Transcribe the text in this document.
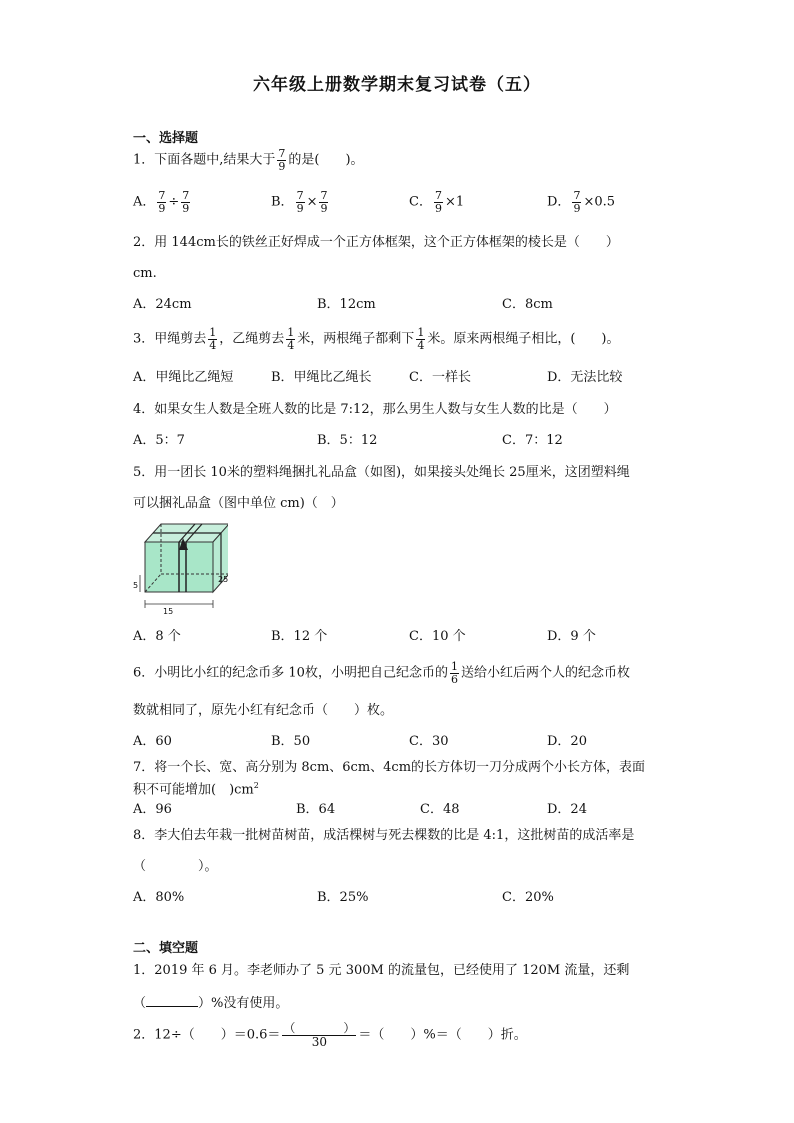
六年级上册数学期末复习试卷（五）
一、选择题
1．下面各题中,结果大于 $\frac{7}{9}$ 的是(　　)。
A． $\frac{7}{9} \div \frac{7}{9}$	B． $\frac{7}{9} \times \frac{7}{9}$	C． $\frac{7}{9} \times 1$	D． $\frac{7}{9} \times 0.5$
2．用 144cm长的铁丝正好焊成一个正方体框架，这个正方体框架的棱长是（　　）
cm.
A．24cm	B．12cm	C．8cm
3．甲绳剪去 $\frac{1}{4}$ ，乙绳剪去 $\frac{1}{4}$ 米，两根绳子都剩下 $\frac{1}{4}$ 米。原来两根绳子相比，(　　)。
A．甲绳比乙绳短	B．甲绳比乙绳长	C．一样长	D．无法比较
4．如果女生人数是全班人数的比是 7:12，那么男生人数与女生人数的比是（　　）
A．5：7	B．5：12	C．7：12
5．用一团长 10米的塑料绳捆扎礼品盒（如图)，如果接头处绳长 25厘米，这团塑料绳
可以捆礼品盒（图中单位 cm)（　）
15
25
5
A．8 个	B．12 个	C．10 个	D．9 个
6．小明比小红的纪念币多 10枚，小明把自己纪念币的 $\frac{1}{6}$ 送给小红后两个人的纪念币枚
数就相同了，原先小红有纪念币（　　）枚。
A．60	B．50	C．30	D．20
7．将一个长、宽、高分别为 8cm、6cm、4cm的长方体切一刀分成两个小长方体，表面
积不可能增加(　)$cm^2$
A．96	B．64	C．48	D．24
8．李大伯去年栽一批树苗树苗，成活棵树与死去棵数的比是 4:1，这批树苗的成活率是
（　　　　）。
A．80%	B．25%	C．20%
二、填空题
1．2019 年 6 月。李老师办了 5 元 300M 的流量包，已经使用了 120M 流量，还剩
（	）%没有使用。
2．12÷（　　）$=0.6= \frac{( )}{30}$ ＝（　　）%＝（　　）折。
